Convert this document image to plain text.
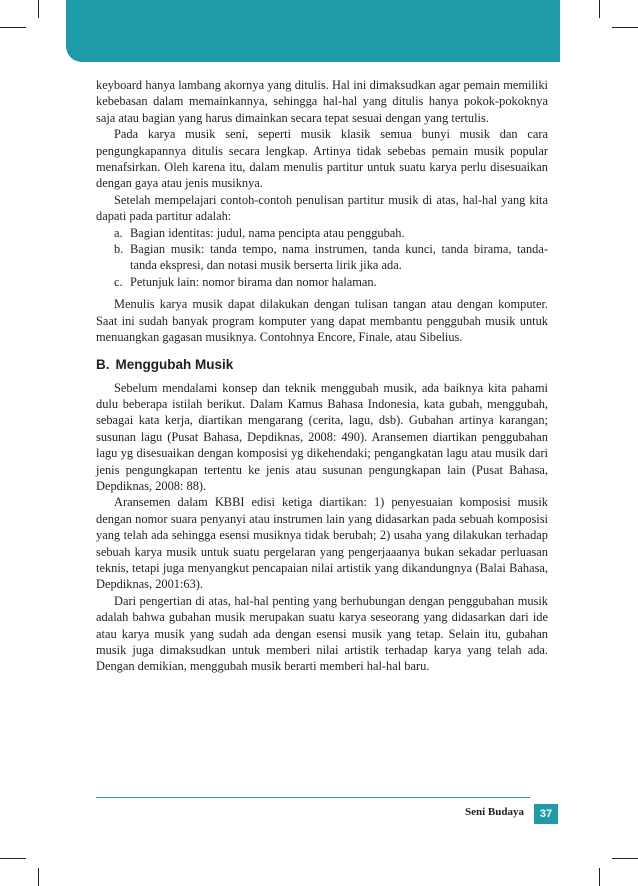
keyboard hanya lambang akornya yang ditulis. Hal ini dimaksudkan agar pemain memiliki kebebasan dalam memainkannya, sehingga hal-hal yang ditulis hanya pokok-pokoknya saja atau bagian yang harus dimainkan secara tepat sesuai dengan yang tertulis.

Pada karya musik seni, seperti musik klasik semua bunyi musik dan cara pengungkapannya ditulis secara lengkap. Artinya tidak sebebas pemain musik popular menafsirkan. Oleh karena itu, dalam menulis partitur untuk suatu karya perlu disesuaikan dengan gaya atau jenis musiknya.

Setelah mempelajari contoh-contoh penulisan partitur musik di atas, hal-hal yang kita dapati pada partitur adalah:

a. Bagian identitas: judul, nama pencipta atau penggubah.
b. Bagian musik: tanda tempo, nama instrumen, tanda kunci, tanda birama, tanda-tanda ekspresi, dan notasi musik berserta lirik jika ada.
c. Petunjuk lain: nomor birama dan nomor halaman.

Menulis karya musik dapat dilakukan dengan tulisan tangan atau dengan komputer. Saat ini sudah banyak program komputer yang dapat membantu penggubah musik untuk menuangkan gagasan musiknya. Contohnya Encore, Finale, atau Sibelius.

B. Menggubah Musik

Sebelum mendalami konsep dan teknik menggubah musik, ada baiknya kita pahami dulu beberapa istilah berikut. Dalam Kamus Bahasa Indonesia, kata gubah, menggubah, sebagai kata kerja, diartikan mengarang (cerita, lagu, dsb). Gubahan artinya karangan; susunan lagu (Pusat Bahasa, Depdiknas, 2008: 490). Aransemen diartikan penggubahan lagu yg disesuaikan dengan komposisi yg dikehendaki; pengangkatan lagu atau musik dari jenis pengungkapan tertentu ke jenis atau susunan pengungkapan lain (Pusat Bahasa, Depdiknas, 2008: 88).

Aransemen dalam KBBI edisi ketiga diartikan: 1) penyesuaian komposisi musik dengan nomor suara penyanyi atau instrumen lain yang didasarkan pada sebuah komposisi yang telah ada sehingga esensi musiknya tidak berubah; 2) usaha yang dilakukan terhadap sebuah karya musik untuk suatu pergelaran yang pengerjaaanya bukan sekadar perluasan teknis, tetapi juga menyangkut pencapaian nilai artistik yang dikandungnya (Balai Bahasa, Depdiknas, 2001:63).

Dari pengertian di atas, hal-hal penting yang berhubungan dengan penggubahan musik adalah bahwa gubahan musik merupakan suatu karya seseorang yang didasarkan dari ide atau karya musik yang sudah ada dengan esensi musik yang tetap. Selain itu, gubahan musik juga dimaksudkan untuk memberi nilai artistik terhadap karya yang telah ada. Dengan demikian, menggubah musik berarti memberi hal-hal baru.

Seni Budaya	37
